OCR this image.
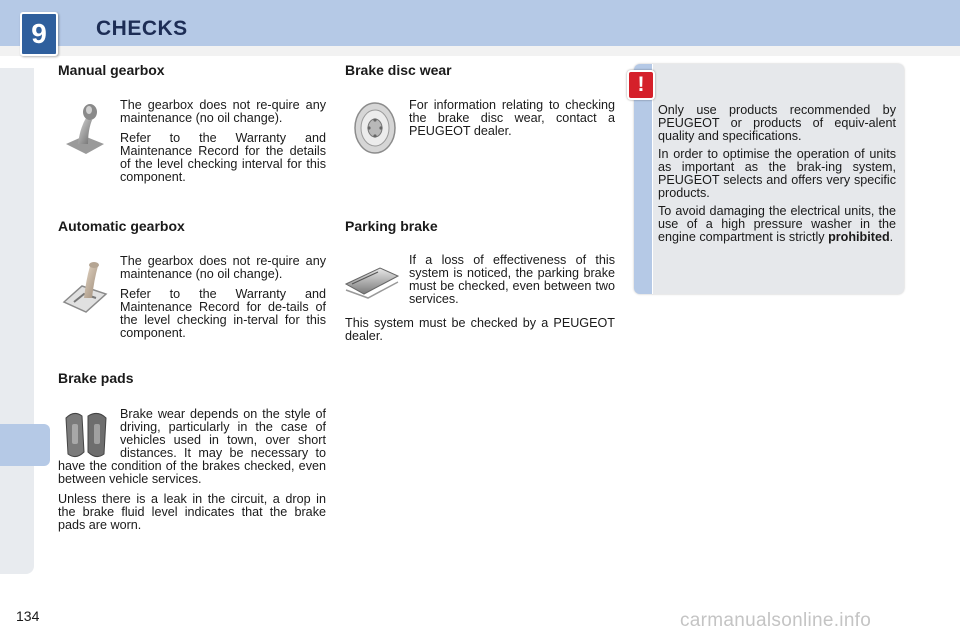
9	CHECKS
Manual gearbox

The gearbox does not re-quire any maintenance (no oil change).

Refer to the Warranty and Maintenance Record for the details of the level checking interval for this component.

Automatic gearbox

The gearbox does not re-quire any maintenance (no oil change).

Refer to the Warranty and Maintenance Record for de-tails of the level checking in-terval for this component.

Brake pads

Brake wear depends on the style of driving, particularly in the case of vehicles used in town, over short distances. It may be necessary to have the condition of the brakes checked, even between vehicle services.

Unless there is a leak in the circuit, a drop in the brake fluid level indicates that the brake pads are worn.

Brake disc wear

For information relating to checking the brake disc wear, contact a PEUGEOT dealer.

Parking brake

If a loss of effectiveness of this system is noticed, the parking brake must be checked, even between two services.

This system must be checked by a PEUGEOT dealer.

!

Only use products recommended by PEUGEOT or products of equiv-alent quality and specifications.

In order to optimise the operation of units as important as the brak-ing system, PEUGEOT selects and offers very specific products.

To avoid damaging the electrical units, the use of a high pressure washer in the engine compartment is strictly prohibited.

134	carmanualsonline.info
